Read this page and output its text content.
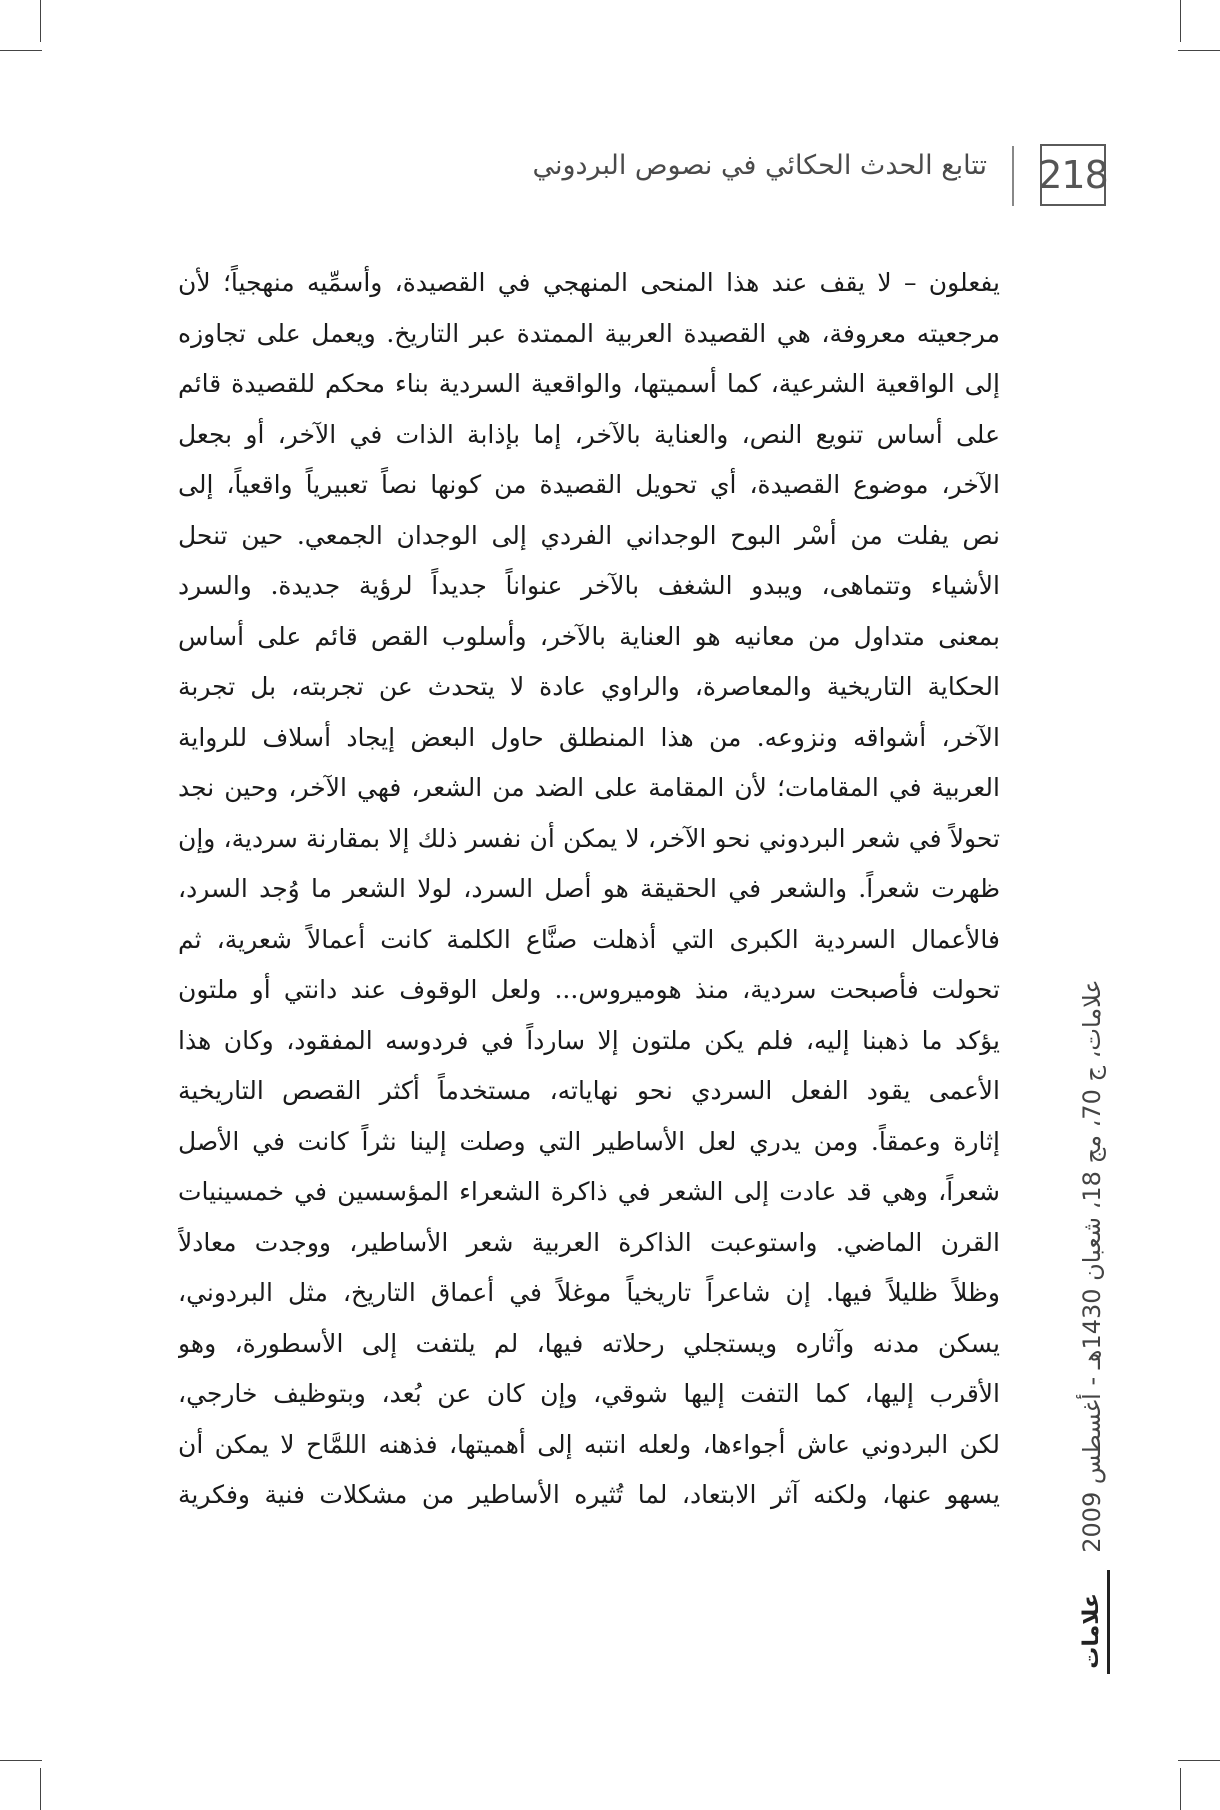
218
تتابع الحدث الحكائي في نصوص البردوني
يفعلون – لا يقف عند هذا المنحى المنهجي في القصيدة، وأسمِّيه منهجياً؛ لأن
مرجعيته معروفة، هي القصيدة العربية الممتدة عبر التاريخ. ويعمل على تجاوزه
إلى الواقعية الشرعية، كما أسميتها، والواقعية السردية بناء محكم للقصيدة قائم
على أساس تنويع النص، والعناية بالآخر، إما بإذابة الذات في الآخر، أو بجعل
الآخر، موضوع القصيدة، أي تحويل القصيدة من كونها نصاً تعبيرياً واقعياً، إلى
نص يفلت من أسْر البوح الوجداني الفردي إلى الوجدان الجمعي. حين تنحل
الأشياء وتتماهى، ويبدو الشغف بالآخر عنواناً جديداً لرؤية جديدة. والسرد
بمعنى متداول من معانيه هو العناية بالآخر، وأسلوب القص قائم على أساس
الحكاية التاريخية والمعاصرة، والراوي عادة لا يتحدث عن تجربته، بل تجربة
الآخر، أشواقه ونزوعه. من هذا المنطلق حاول البعض إيجاد أسلاف للرواية
العربية في المقامات؛ لأن المقامة على الضد من الشعر، فهي الآخر، وحين نجد
تحولاً في شعر البردوني نحو الآخر، لا يمكن أن نفسر ذلك إلا بمقارنة سردية، وإن
ظهرت شعراً. والشعر في الحقيقة هو أصل السرد، لولا الشعر ما وُجد السرد،
فالأعمال السردية الكبرى التي أذهلت صنَّاع الكلمة كانت أعمالاً شعرية، ثم
تحولت فأصبحت سردية، منذ هوميروس... ولعل الوقوف عند دانتي أو ملتون
يؤكد ما ذهبنا إليه، فلم يكن ملتون إلا سارداً في فردوسه المفقود، وكان هذا
الأعمى يقود الفعل السردي نحو نهاياته، مستخدماً أكثر القصص التاريخية
إثارة وعمقاً. ومن يدري لعل الأساطير التي وصلت إلينا نثراً كانت في الأصل
شعراً، وهي قد عادت إلى الشعر في ذاكرة الشعراء المؤسسين في خمسينيات
القرن الماضي. واستوعبت الذاكرة العربية شعر الأساطير، ووجدت معادلاً
وظلاً ظليلاً فيها. إن شاعراً تاريخياً موغلاً في أعماق التاريخ، مثل البردوني،
يسكن مدنه وآثاره ويستجلي رحلاته فيها، لم يلتفت إلى الأسطورة، وهو
الأقرب إليها، كما التفت إليها شوقي، وإن كان عن بُعد، وبتوظيف خارجي،
لكن البردوني عاش أجواءها، ولعله انتبه إلى أهميتها، فذهنه اللمَّاح لا يمكن أن
يسهو عنها، ولكنه آثر الابتعاد، لما تُثيره الأساطير من مشكلات فنية وفكرية	علامات، ج 70، مج 18، شعبان 1430هـ - أغسطس 2009
علامات
